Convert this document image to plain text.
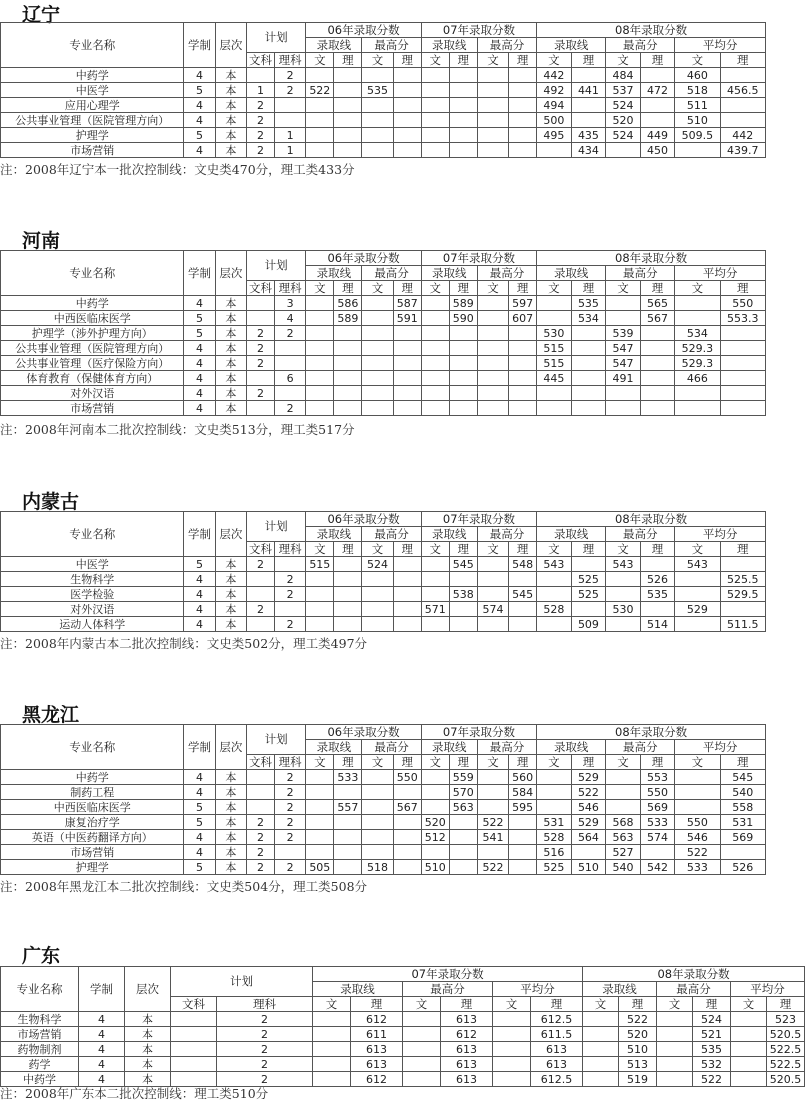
辽宁
专业名称	学制	层次	计划		06年录取分数				07年录取分数				08年录取分数					
					录取线		最高分		录取线		最高分		录取线		最高分		平均分	
			文科	理科	文	理	文	理	文	理	文	理	文	理	文	理	文	理
中药学	4	本		2									442		484		460	
中医学	5	本	1	2	522		535						492	441	537	472	518	456.5
应用心理学	4	本	2										494		524		511	
公共事业管理（医院管理方向）	4	本	2										500		520		510	
护理学	5	本	2	1									495	435	524	449	509.5	442
市场营销	4	本	2	1										434		450		439.7
注：2008年辽宁本一批次控制线：文史类470分，理工类433分
河南
专业名称	学制	层次	计划		06年录取分数				07年录取分数				08年录取分数					
					录取线		最高分		录取线		最高分		录取线		最高分		平均分	
			文科	理科	文	理	文	理	文	理	文	理	文	理	文	理	文	理
中药学	4	本		3		586		587		589		597		535		565		550
中西医临床医学	5	本		4		589		591		590		607		534		567		553.3
护理学（涉外护理方向）	5	本	2	2									530		539		534	
公共事业管理（医院管理方向）	4	本	2										515		547		529.3	
公共事业管理（医疗保险方向）	4	本	2										515		547		529.3	
体育教育（保健体育方向）	4	本		6									445		491		466	
对外汉语	4	本	2															
市场营销	4	本		2														
注：2008年河南本二批次控制线：文史类513分，理工类517分
内蒙古
专业名称	学制	层次	计划		06年录取分数				07年录取分数				08年录取分数					
					录取线		最高分		录取线		最高分		录取线		最高分		平均分	
			文科	理科	文	理	文	理	文	理	文	理	文	理	文	理	文	理
中医学	5	本	2		515		524			545		548	543		543		543	
生物科学	4	本		2										525		526		525.5
医学检验	4	本		2						538		545		525		535		529.5
对外汉语	4	本	2						571		574		528		530		529	
运动人体科学	4	本		2										509		514		511.5
注：2008年内蒙古本二批次控制线：文史类502分，理工类497分
黑龙江
专业名称	学制	层次	计划		06年录取分数				07年录取分数				08年录取分数					
					录取线		最高分		录取线		最高分		录取线		最高分		平均分	
			文科	理科	文	理	文	理	文	理	文	理	文	理	文	理	文	理
中药学	4	本		2		533		550		559		560		529		553		545
制药工程	4	本		2						570		584		522		550		540
中西医临床医学	5	本		2		557		567		563		595		546		569		558
康复治疗学	5	本	2	2					520		522		531	529	568	533	550	531
英语（中医药翻译方向）	4	本	2	2					512		541		528	564	563	574	546	569
市场营销	4	本	2										516		527		522	
护理学	5	本	2	2	505		518		510		522		525	510	540	542	533	526
注：2008年黑龙江本二批次控制线：文史类504分，理工类508分
广东
专业名称	学制	层次	计划		07年录取分数						08年录取分数					
					录取线		最高分		平均分		录取线		最高分		平均分	
			文科	理科	文	理	文	理	文	理	文	理	文	理	文	理
生物科学	4	本		2		612		613		612.5		522		524		523
市场营销	4	本		2		611		612		611.5		520		521		520.5
药物制剂	4	本		2		613		613		613		510		535		522.5
药学	4	本		2		613		613		613		513		532		522.5
中药学	4	本		2		612		613		612.5		519		522		520.5
注：2008年广东本二批次控制线：理工类510分
